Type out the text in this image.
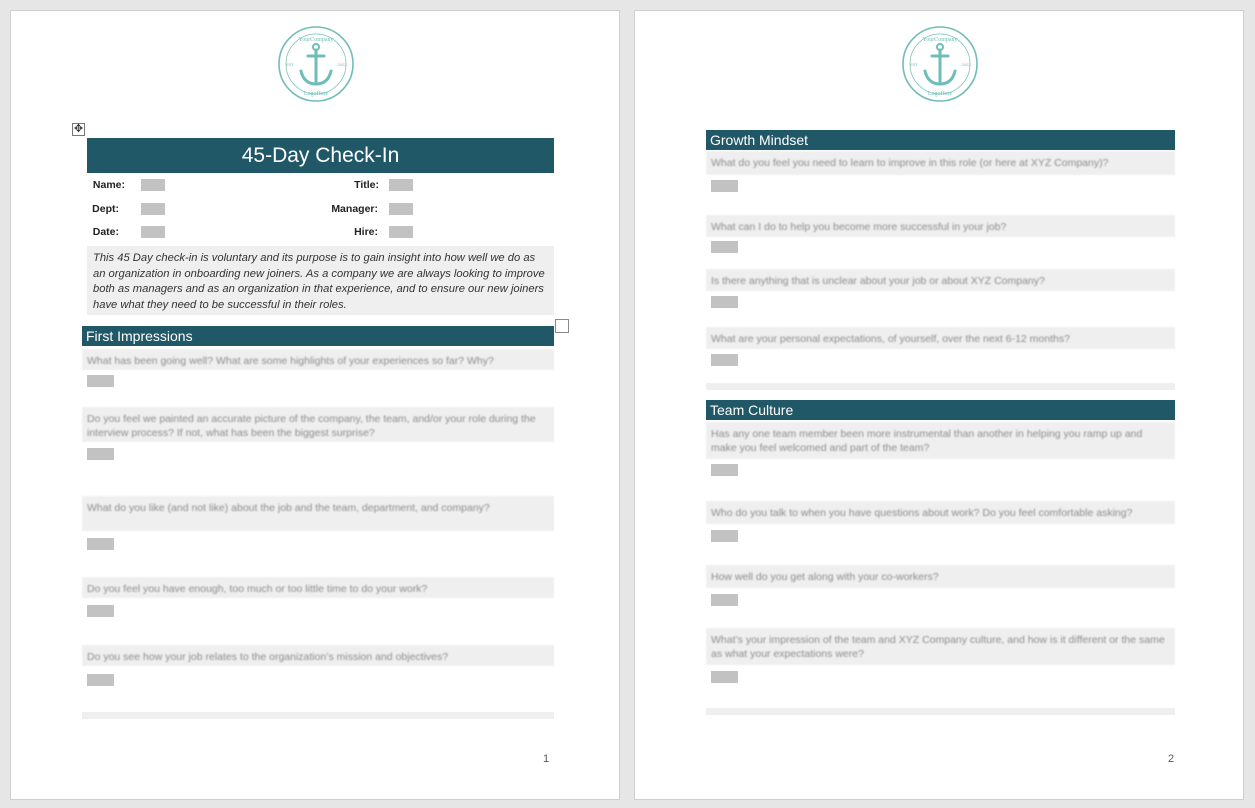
YourCompany
LogoHere
EST	2022
✥
45-Day Check-In
Name:	Title:
Dept:	Manager:
Date:	Hire:
This 45 Day check-in is voluntary and its purpose is to gain insight into how well we do as an organization in onboarding new joiners. As a company we are always looking to improve both as managers and as an organization in that experience, and to ensure our new joiners have what they need to be successful in their roles.
First Impressions
What has been going well? What are some highlights of your experiences so far? Why?
Do you feel we painted an accurate picture of the company, the team, and/or your role during the interview process? If not, what has been the biggest surprise?
What do you like (and not like) about the job and the team, department, and company?
Do you feel you have enough, too much or too little time to do your work?
Do you see how your job relates to the organization’s mission and objectives?
1
YourCompany
LogoHere
EST	2022
Growth Mindset
What do you feel you need to learn to improve in this role (or here at XYZ Company)?
What can I do to help you become more successful in your job?
Is there anything that is unclear about your job or about XYZ Company?
What are your personal expectations, of yourself, over the next 6-12 months?
Team Culture
Has any one team member been more instrumental than another in helping you ramp up and make you feel welcomed and part of the team?
Who do you talk to when you have questions about work? Do you feel comfortable asking?
How well do you get along with your co-workers?
What’s your impression of the team and XYZ Company culture, and how is it different or the same as what your expectations were?
2
